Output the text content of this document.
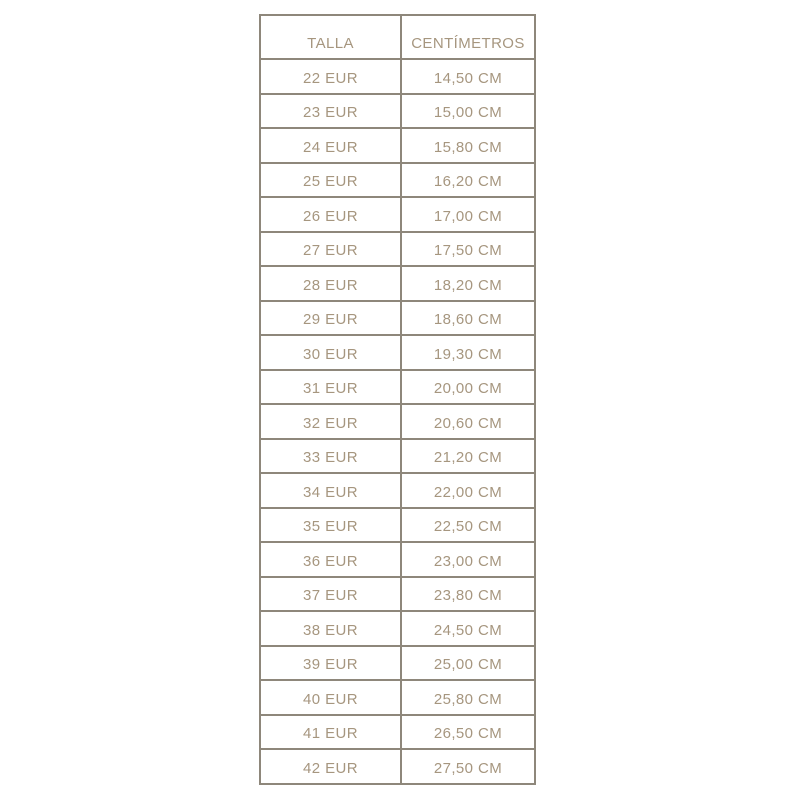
TALLA	CENTÍMETROS
22 EUR	14,50 CM
23 EUR	15,00 CM
24 EUR	15,80 CM
25 EUR	16,20 CM
26 EUR	17,00 CM
27 EUR	17,50 CM
28 EUR	18,20 CM
29 EUR	18,60 CM
30 EUR	19,30 CM
31 EUR	20,00 CM
32 EUR	20,60 CM
33 EUR	21,20 CM
34 EUR	22,00 CM
35 EUR	22,50 CM
36 EUR	23,00 CM
37 EUR	23,80 CM
38 EUR	24,50 CM
39 EUR	25,00 CM
40 EUR	25,80 CM
41 EUR	26,50 CM
42 EUR	27,50 CM
